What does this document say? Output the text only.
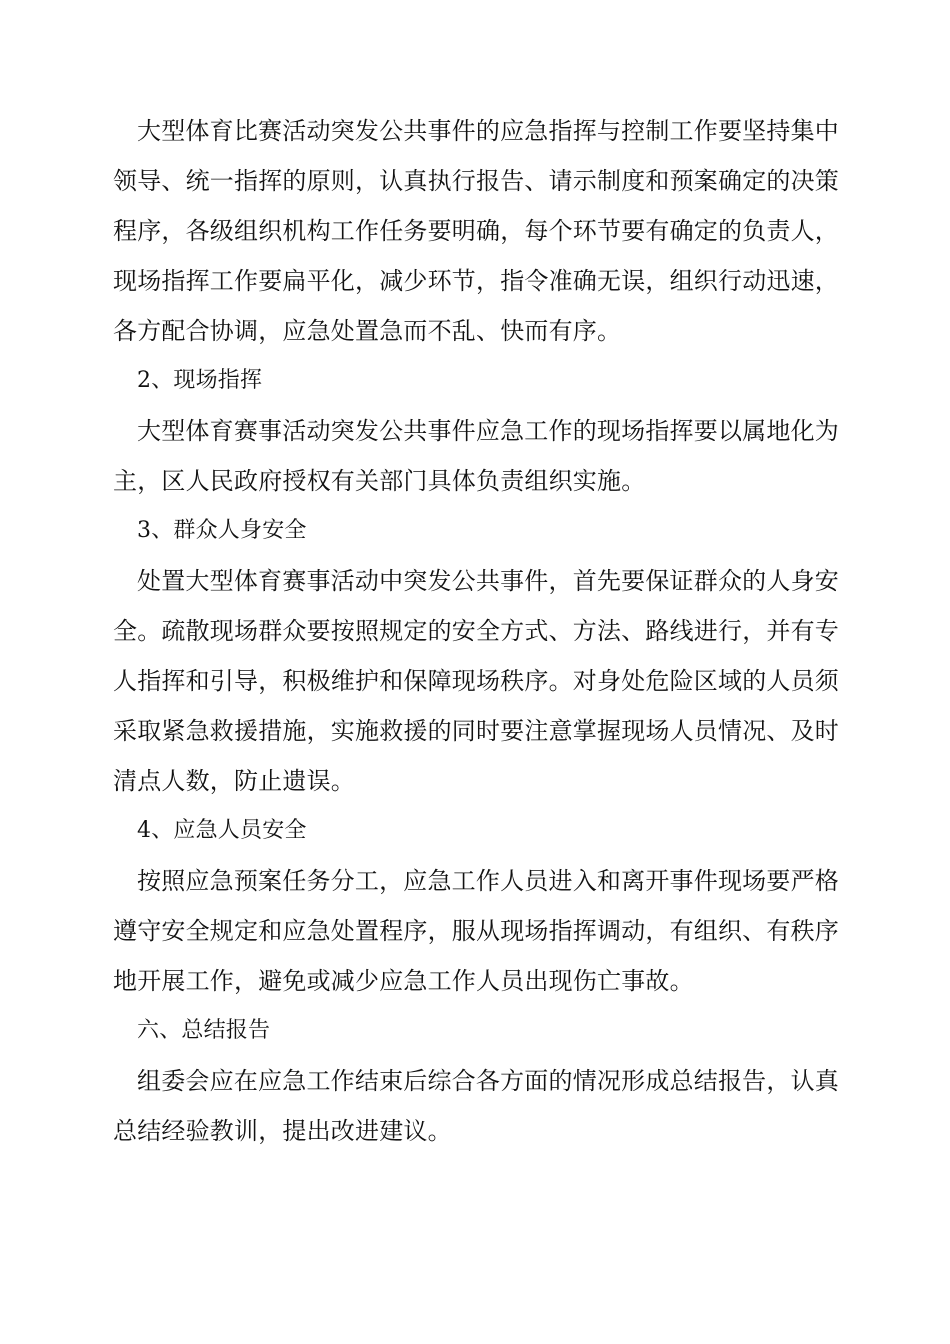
大型体育比赛活动突发公共事件的应急指挥与控制工作要坚持集中领导、统一指挥的原则，认真执行报告、请示制度和预案确定的决策程序，各级组织机构工作任务要明确，每个环节要有确定的负责人，现场指挥工作要扁平化，减少环节，指令准确无误，组织行动迅速，各方配合协调，应急处置急而不乱、快而有序。

2、现场指挥

大型体育赛事活动突发公共事件应急工作的现场指挥要以属地化为主，区人民政府授权有关部门具体负责组织实施。

3、群众人身安全

处置大型体育赛事活动中突发公共事件，首先要保证群众的人身安全。疏散现场群众要按照规定的安全方式、方法、路线进行，并有专人指挥和引导，积极维护和保障现场秩序。对身处危险区域的人员须采取紧急救援措施，实施救援的同时要注意掌握现场人员情况、及时清点人数，防止遗误。

4、应急人员安全

按照应急预案任务分工，应急工作人员进入和离开事件现场要严格遵守安全规定和应急处置程序，服从现场指挥调动，有组织、有秩序地开展工作，避免或减少应急工作人员出现伤亡事故。

六、总结报告

组委会应在应急工作结束后综合各方面的情况形成总结报告，认真总结经验教训，提出改进建议。
